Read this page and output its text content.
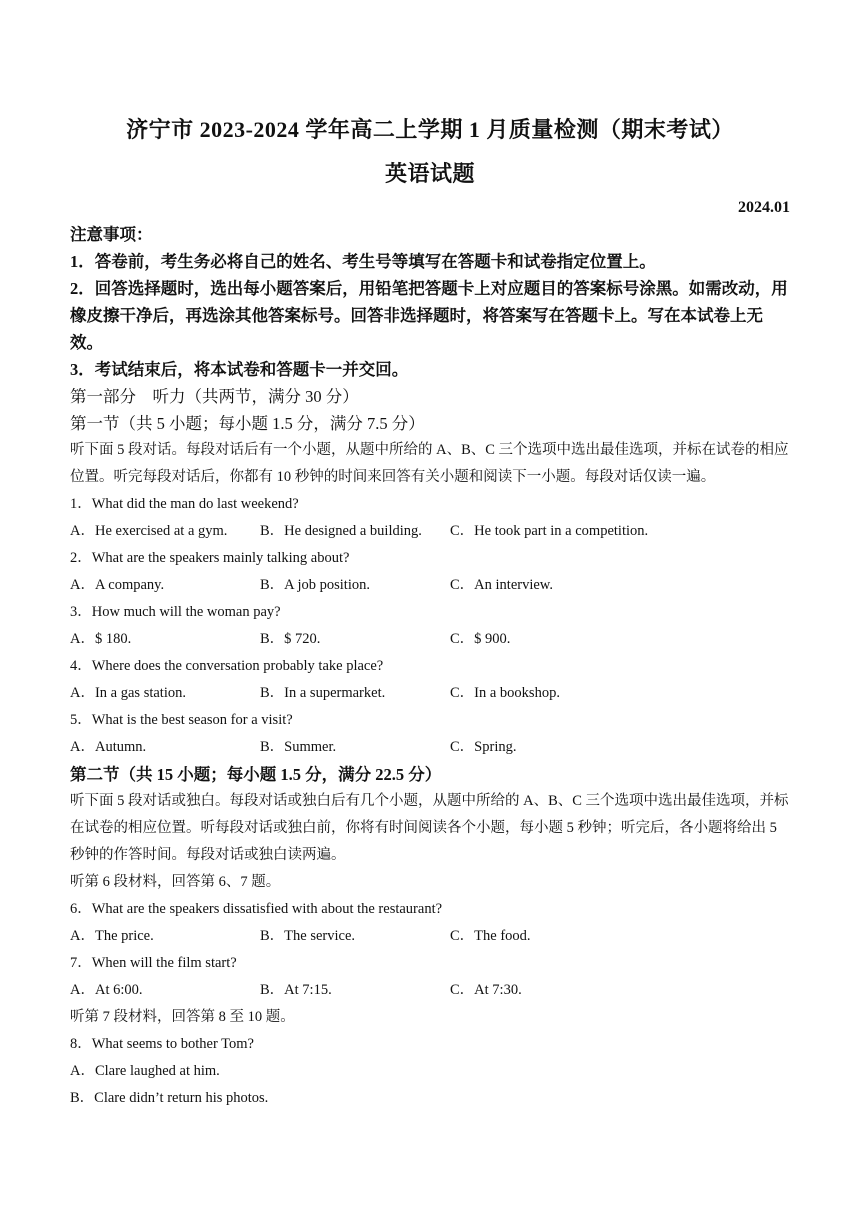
济宁市 2023-2024 学年高二上学期 1 月质量检测（期末考试）
英语试题
2024.01

注意事项：

1．答卷前，考生务必将自己的姓名、考生号等填写在答题卡和试卷指定位置上。

2．回答选择题时，选出每小题答案后，用铅笔把答题卡上对应题目的答案标号涂黑。如需改动，用橡皮擦干净后，再选涂其他答案标号。回答非选择题时，将答案写在答题卡上。写在本试卷上无效。

3．考试结束后，将本试卷和答题卡一并交回。

第一部分　听力（共两节，满分 30 分）

第一节（共 5 小题；每小题 1.5 分，满分 7.5 分）

听下面 5 段对话。每段对话后有一个小题，从题中所给的 A、B、C 三个选项中选出最佳选项，并标在试卷的相应位置。听完每段对话后，你都有 10 秒钟的时间来回答有关小题和阅读下一小题。每段对话仅读一遍。

1．What did the man do last weekend?

A．He exercised at a gym.	B．He designed a building.	C．He took part in a competition.

2．What are the speakers mainly talking about?

A．A company.	B．A job position.	C．An interview.

3．How much will the woman pay?

A．$ 180.	B．$ 720.	C．$ 900.

4．Where does the conversation probably take place?

A．In a gas station.	B．In a supermarket.	C．In a bookshop.

5．What is the best season for a visit?

A．Autumn.	B．Summer.	C．Spring.

第二节（共 15 小题；每小题 1.5 分，满分 22.5 分）

听下面 5 段对话或独白。每段对话或独白后有几个小题，从题中所给的 A、B、C 三个选项中选出最佳选项，并标在试卷的相应位置。听每段对话或独白前，你将有时间阅读各个小题，每小题 5 秒钟；听完后，各小题将给出 5 秒钟的作答时间。每段对话或独白读两遍。

听第 6 段材料，回答第 6、7 题。

6．What are the speakers dissatisfied with about the restaurant?

A．The price.	B．The service.	C．The food.

7．When will the film start?

A．At 6:00.	B．At 7:15.	C．At 7:30.

听第 7 段材料，回答第 8 至 10 题。

8．What seems to bother Tom?

A．Clare laughed at him.

B．Clare didn’t return his photos.
